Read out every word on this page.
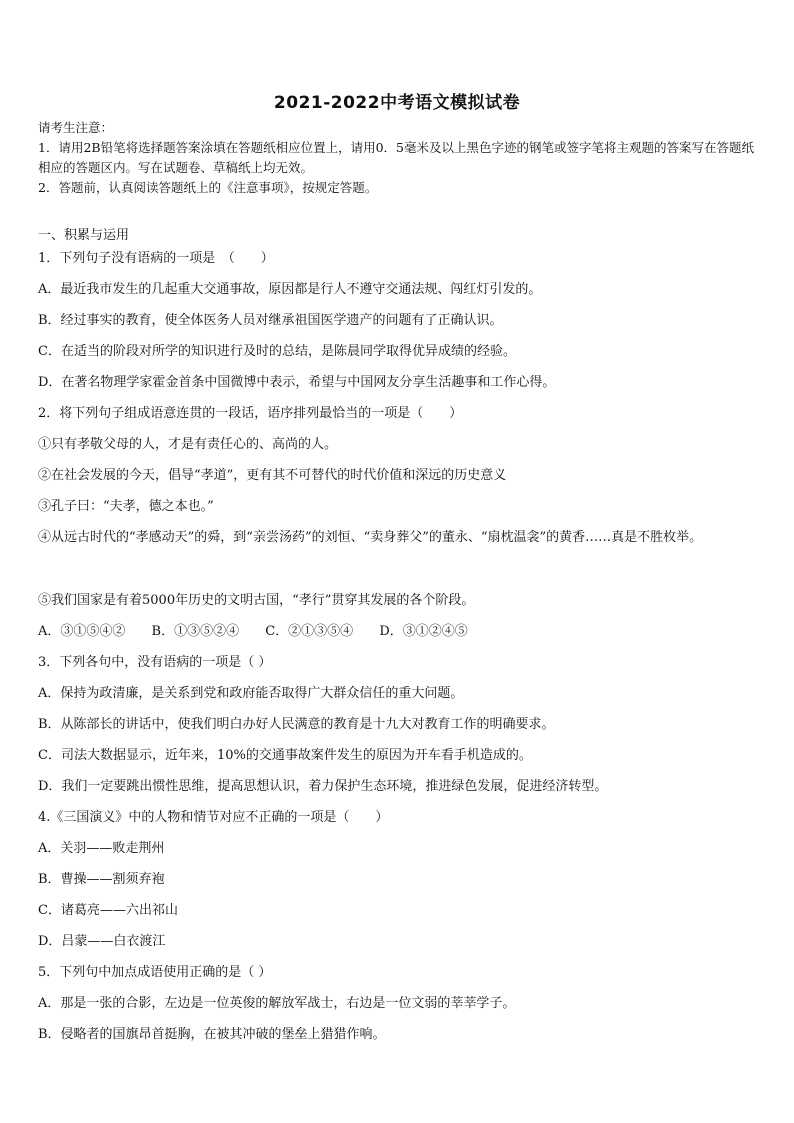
2021-2022中考语文模拟试卷
请考生注意：
1．请用2B铅笔将选择题答案涂填在答题纸相应位置上，请用0．5毫米及以上黑色字迹的钢笔或签字笔将主观题的答案写在答题纸相应的答题区内。写在试题卷、草稿纸上均无效。
2．答题前，认真阅读答题纸上的《注意事项》，按规定答题。
一、积累与运用
1．下列句子没有语病的一项是　（　　）
A．最近我市发生的几起重大交通事故，原因都是行人不遵守交通法规、闯红灯引发的。
B．经过事实的教育，使全体医务人员对继承祖国医学遗产的问题有了正确认识。
C．在适当的阶段对所学的知识进行及时的总结，是陈晨同学取得优异成绩的经验。
D．在著名物理学家霍金首条中国微博中表示，希望与中国网友分享生活趣事和工作心得。
2．将下列句子组成语意连贯的一段话，语序排列最恰当的一项是（　　）
①只有孝敬父母的人，才是有责任心的、高尚的人。
②在社会发展的今天，倡导“孝道”，更有其不可替代的时代价值和深远的历史意义
③孔子曰：“夫孝，德之本也。”
④从远古时代的“孝感动天”的舜，到“亲尝汤药”的刘恒、“卖身葬父”的董永、“扇枕温衾”的黄香……真是不胜枚举。
⑤我们国家是有着5000年历史的文明古国，“孝行”贯穿其发展的各个阶段。
A．③①⑤④② B．①③⑤②④ C．②①③⑤④ D．③①②④⑤
3．下列各句中，没有语病的一项是（ ）
A．保持为政清廉，是关系到党和政府能否取得广大群众信任的重大问题。
B．从陈部长的讲话中，使我们明白办好人民满意的教育是十九大对教育工作的明确要求。
C．司法大数据显示，近年来，10%的交通事故案件发生的原因为开车看手机造成的。
D．我们一定要跳出惯性思维，提高思想认识，着力保护生态环境，推进绿色发展，促进经济转型。
4.《三国演义》中的人物和情节对应不正确的一项是（　　）
A．关羽——败走荆州
B．曹操——割须弃袍
C．诸葛亮——六出祁山
D．吕蒙——白衣渡江
5．下列句中加点成语使用正确的是（ ）
A．那是一张的合影，左边是一位英俊的解放军战士，右边是一位文弱的莘莘学子。
B．侵略者的国旗昂首挺胸，在被其冲破的堡垒上猎猎作响。
